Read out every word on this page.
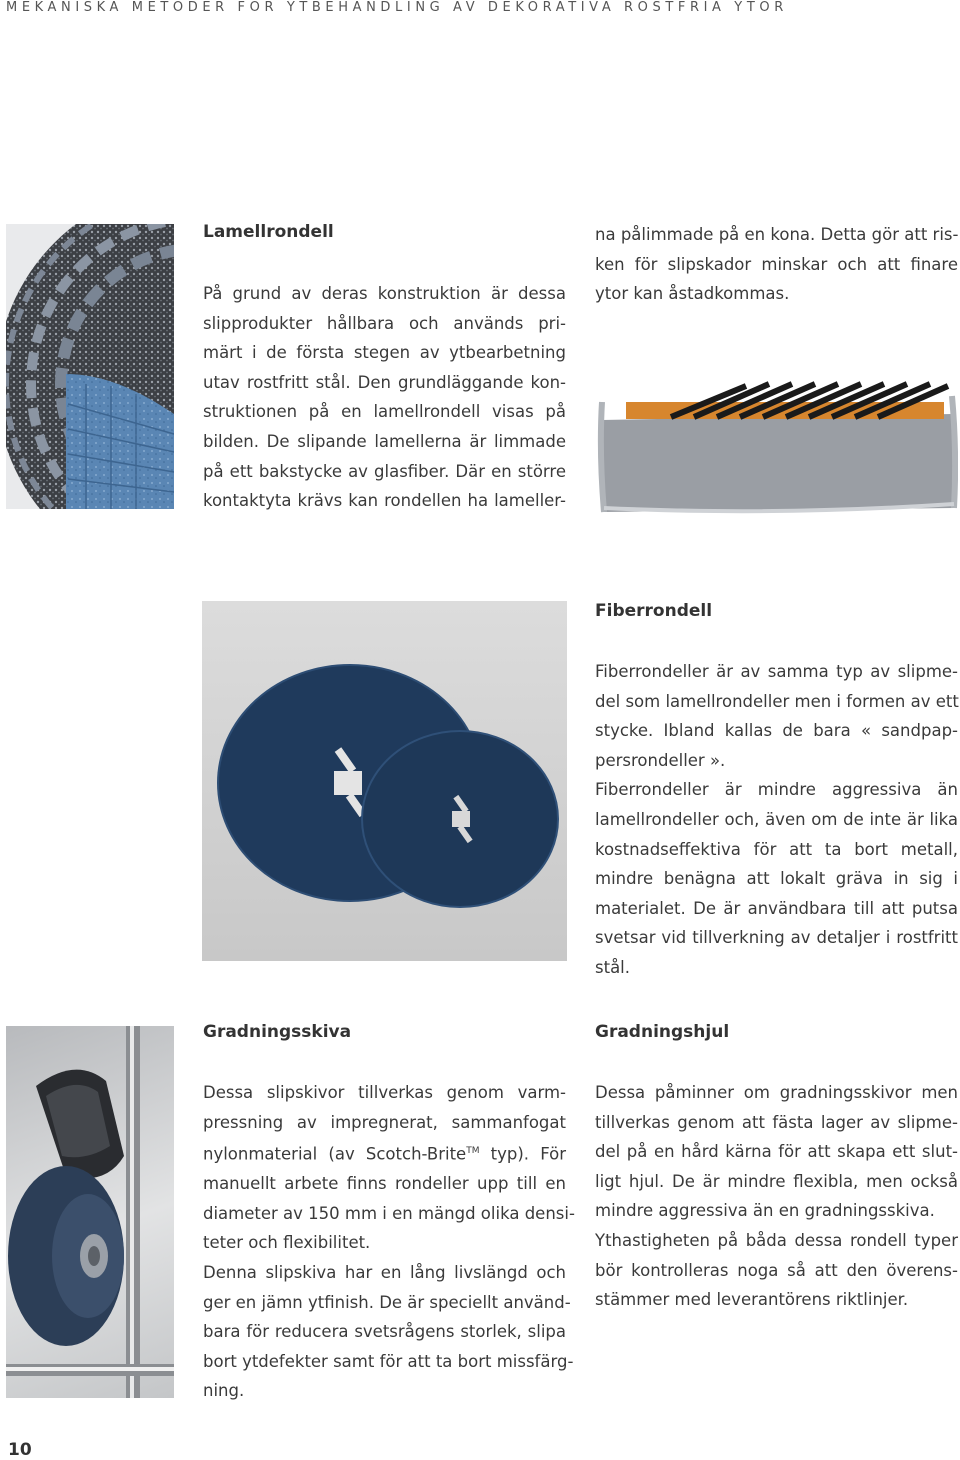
MEKANISKA METODER FÖR YTBEHANDLING AV DEKORATIVA ROSTFRIA YTOR
Lamellrondell
På grund av deras konstruktion är dessa
slipprodukter hållbara och används pri-
märt i de första stegen av ytbearbetning
utav rostfritt stål. Den grundläggande kon-
struktionen på en lamellrondell visas på
bilden. De slipande lamellerna är limmade
på ett bakstycke av glasfiber. Där en större
kontaktyta krävs kan rondellen ha lameller-
na pålimmade på en kona. Detta gör att ris-
ken för slipskador minskar och att finare
ytor kan åstadkommas.
Fiberrondell
Fiberrondeller är av samma typ av slipme-
del som lamellrondeller men i formen av ett
stycke. Ibland kallas de bara « sandpap-
persrondeller ».
Fiberrondeller är mindre aggressiva än
lamellrondeller och, även om de inte är lika
kostnadseffektiva för att ta bort metall,
mindre benägna att lokalt gräva in sig i
materialet. De är användbara till att putsa
svetsar vid tillverkning av detaljer i rostfritt
stål.
Gradningsskiva
Dessa slipskivor tillverkas genom varm-
pressning av impregnerat, sammanfogat
nylonmaterial (av Scotch-Brite™ typ). För
manuellt arbete finns rondeller upp till en
diameter av 150 mm i en mängd olika densi-
teter och flexibilitet.
Denna slipskiva har en lång livslängd och
ger en jämn ytfinish. De är speciellt använd-
bara för reducera svetsrågens storlek, slipa
bort ytdefekter samt för att ta bort missfärg-
ning.
Gradningshjul
Dessa påminner om gradningsskivor men
tillverkas genom att fästa lager av slipme-
del på en hård kärna för att skapa ett slut-
ligt hjul. De är mindre flexibla, men också
mindre aggressiva än en gradningsskiva.
Ythastigheten på båda dessa rondell typer
bör kontrolleras noga så att den överens-
stämmer med leverantörens riktlinjer.
10
